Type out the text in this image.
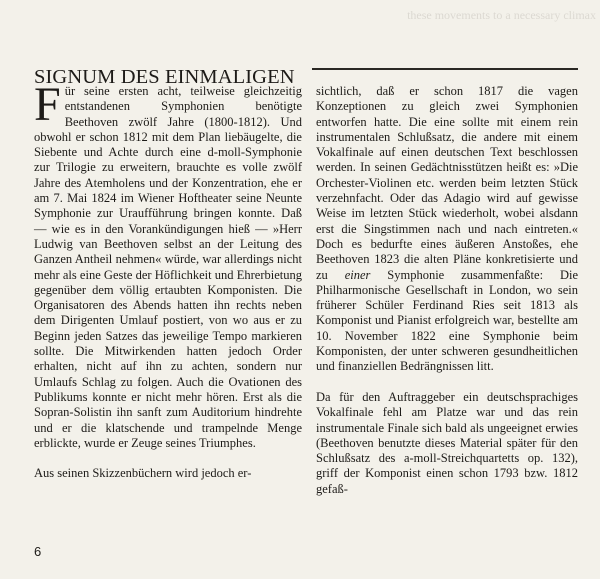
these movements to a necessary climax
SIGNUM DES EINMALIGEN

Für seine ersten acht, teilweise gleichzeitig entstandenen Symphonien benötigte Beethoven zwölf Jahre (1800-1812). Und obwohl er schon 1812 mit dem Plan liebäugelte, die Siebente und Achte durch eine d-moll-Symphonie zur Trilogie zu erweitern, brauchte es volle zwölf Jahre des Atemholens und der Konzentration, ehe er am 7. Mai 1824 im Wiener Hoftheater seine Neunte Symphonie zur Uraufführung bringen konnte. Daß — wie es in den Vorankündigungen hieß — »Herr Ludwig van Beethoven selbst an der Leitung des Ganzen Antheil nehmen« würde, war allerdings nicht mehr als eine Geste der Höflichkeit und Ehrerbietung gegenüber dem völlig ertaubten Komponisten. Die Organisatoren des Abends hatten ihn rechts neben dem Dirigenten Umlauf postiert, von wo aus er zu Beginn jeden Satzes das jeweilige Tempo markieren sollte. Die Mitwirkenden hatten jedoch Order erhalten, nicht auf ihn zu achten, sondern nur Umlaufs Schlag zu folgen. Auch die Ovationen des Publikums konnte er nicht mehr hören. Erst als die Sopran-Solistin ihn sanft zum Auditorium hindrehte und er die klatschende und trampelnde Menge erblickte, wurde er Zeuge seines Triumphes.

Aus seinen Skizzenbüchern wird jedoch er-

sichtlich, daß er schon 1817 die vagen Konzeptionen zu gleich zwei Symphonien entworfen hatte. Die eine sollte mit einem rein instrumentalen Schlußsatz, die andere mit einem Vokalfinale auf einen deutschen Text beschlossen werden. In seinen Gedächtnisstützen heißt es: »Die Orchester-Violinen etc. werden beim letzten Stück verzehnfacht. Oder das Adagio wird auf gewisse Weise im letzten Stück wiederholt, wobei alsdann erst die Singstimmen nach und nach eintreten.« Doch es bedurfte eines äußeren Anstoßes, ehe Beethoven 1823 die alten Pläne konkretisierte und zu einer Symphonie zusammenfaßte: Die Philharmonische Gesellschaft in London, wo sein früherer Schüler Ferdinand Ries seit 1813 als Komponist und Pianist erfolgreich war, bestellte am 10. November 1822 eine Symphonie beim Komponisten, der unter schweren gesundheitlichen und finanziellen Bedrängnissen litt.

Da für den Auftraggeber ein deutschsprachiges Vokalfinale fehl am Platze war und das rein instrumentale Finale sich bald als ungeeignet erwies (Beethoven benutzte dieses Material später für den Schlußsatz des a-moll-Streichquartetts op. 132), griff der Komponist einen schon 1793 bzw. 1812 gefaß-

6
